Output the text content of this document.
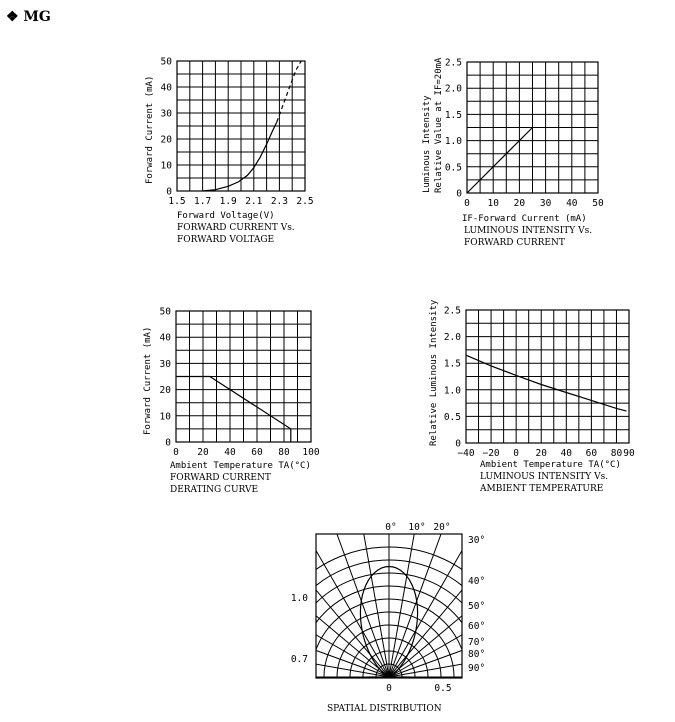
❖ MG
1.5 1.7 1.9 2.1 2.3 2.5
0
10
20
30
40
50
Forward Voltage(V)
FORWARD CURRENT Vs.
FORWARD VOLTAGE
Forward Current (mA)
0 10 20 30 40 50
0
0.5
1.0
1.5
2.0
2.5
IF-Forward Current (mA)
LUMINOUS INTENSITY Vs.
FORWARD CURRENT
Luminous Intensity Relative Value at IF=20mA
0 20 40 60 80 100
0
10
20
30
40
50
Ambient Temperature TA(°C)
FORWARD CURRENT
DERATING CURVE
Forward Current (mA)
−40 −20 0 20 40 60 80 90
0
0.5
1.0
1.5
2.0
2.5
Ambient Temperature TA(°C)
LUMINOUS INTENSITY Vs.
AMBIENT TEMPERATURE
Relative Luminous Intensity
0° 10° 20°
30°
40°
50°
60°
70°
80°
90°
1.0
0.7
0	0.5
SPATIAL DISTRIBUTION
